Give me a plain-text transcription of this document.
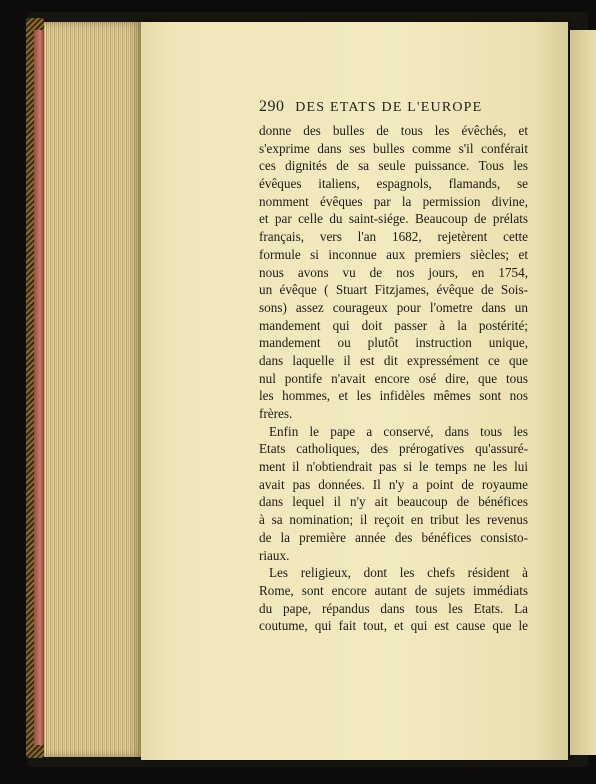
290 DES ETATS DE L'EUROPE
donne des bulles de tous les évêchés, et
s'exprime dans ses bulles comme s'il conférait
ces dignités de sa seule puissance. Tous les
évêques italiens, espagnols, flamands, se
nomment évêques par la permission divine,
et par celle du saint-siége. Beaucoup de prélats
français, vers l'an 1682, rejetèrent cette
formule si inconnue aux premiers siècles; et
nous avons vu de nos jours, en 1754,
un évêque ( Stuart Fitzjames, évêque de Sois-
sons) assez courageux pour l'ometre dans un
mandement qui doit passer à la postérité;
mandement ou plutôt instruction unique,
dans laquelle il est dit expressément ce que
nul pontife n'avait encore osé dire, que tous
les hommes, et les infidèles mêmes sont nos
frères.
Enfin le pape a conservé, dans tous les
Etats catholiques, des prérogatives qu'assuré-
ment il n'obtiendrait pas si le temps ne les lui
avait pas données. Il n'y a point de royaume
dans lequel il n'y ait beaucoup de bénéfices
à sa nomination; il reçoit en tribut les revenus
de la première année des bénéfices consisto-
riaux.
Les religieux, dont les chefs résident à
Rome, sont encore autant de sujets immédiats
du pape, répandus dans tous les Etats. La
coutume, qui fait tout, et qui est cause que le
